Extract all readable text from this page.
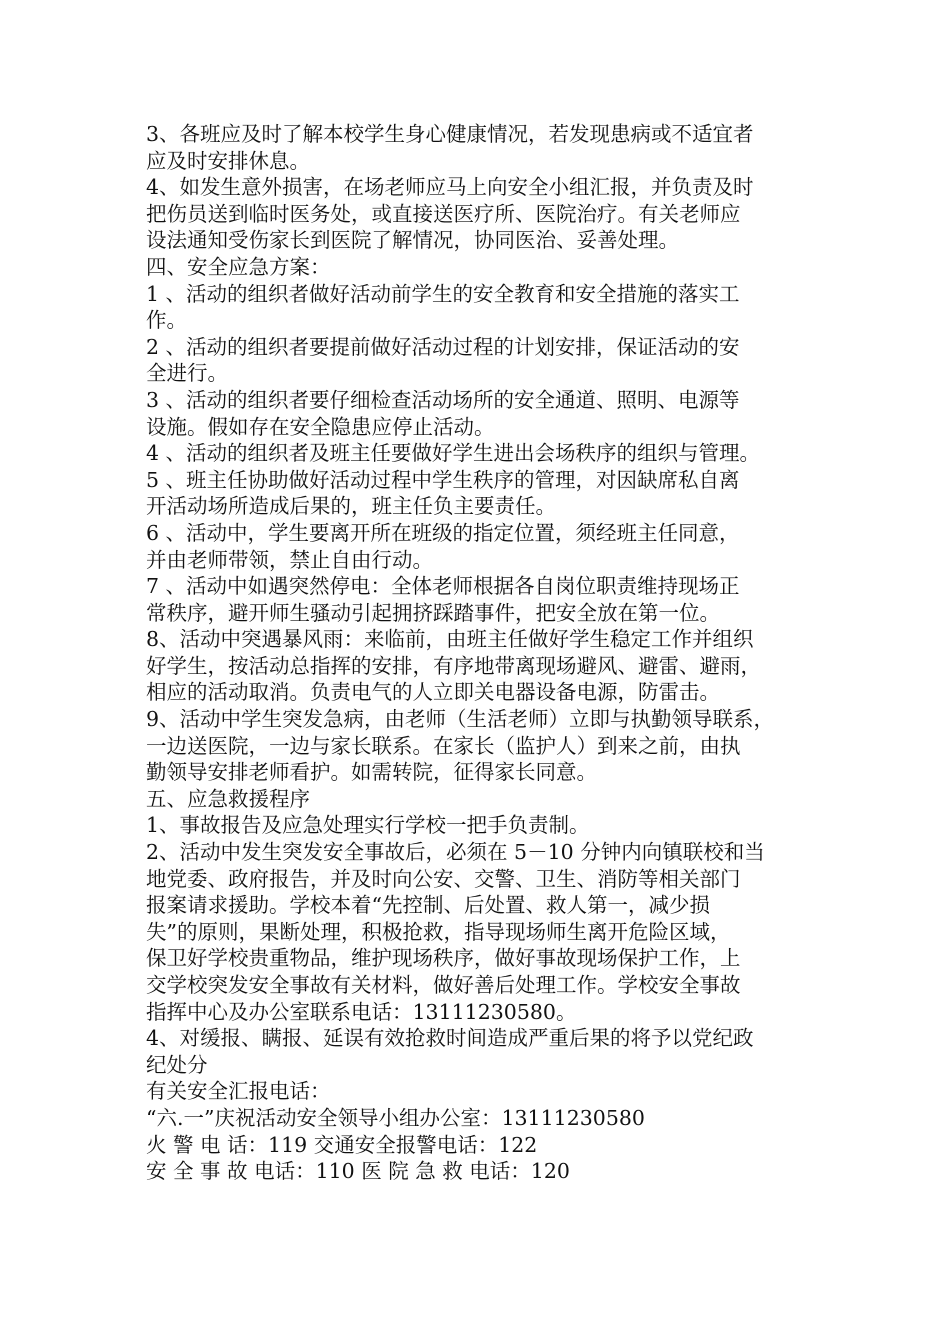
3、各班应及时了解本校学生身心健康情况，若发现患病或不适宜者
应及时安排休息。
4、如发生意外损害，在场老师应马上向安全小组汇报，并负责及时
把伤员送到临时医务处，或直接送医疗所、医院治疗。有关老师应
设法通知受伤家长到医院了解情况，协同医治、妥善处理。
四、安全应急方案：
1 、活动的组织者做好活动前学生的安全教育和安全措施的落实工
作。
2 、活动的组织者要提前做好活动过程的计划安排，保证活动的安
全进行。
3 、活动的组织者要仔细检查活动场所的安全通道、照明、电源等
设施。假如存在安全隐患应停止活动。
4 、活动的组织者及班主任要做好学生进出会场秩序的组织与管理。
5 、班主任协助做好活动过程中学生秩序的管理，对因缺席私自离
开活动场所造成后果的，班主任负主要责任。
6 、活动中，学生要离开所在班级的指定位置，须经班主任同意，
并由老师带领，禁止自由行动。
7 、活动中如遇突然停电：全体老师根据各自岗位职责维持现场正
常秩序，避开师生骚动引起拥挤踩踏事件，把安全放在第一位。
8、活动中突遇暴风雨：来临前，由班主任做好学生稳定工作并组织
好学生，按活动总指挥的安排，有序地带离现场避风、避雷、避雨，
相应的活动取消。负责电气的人立即关电器设备电源，防雷击。
9、活动中学生突发急病，由老师（生活老师）立即与执勤领导联系，
一边送医院，一边与家长联系。在家长（监护人）到来之前，由执
勤领导安排老师看护。如需转院，征得家长同意。
五、应急救援程序
1、事故报告及应急处理实行学校一把手负责制。
2、活动中发生突发安全事故后，必须在 5－10 分钟内向镇联校和当
地党委、政府报告，并及时向公安、交警、卫生、消防等相关部门
报案请求援助。学校本着“先控制、后处置、救人第一，减少损
失”的原则，果断处理，积极抢救，指导现场师生离开危险区域，
保卫好学校贵重物品，维护现场秩序，做好事故现场保护工作，上
交学校突发安全事故有关材料，做好善后处理工作。学校安全事故
指挥中心及办公室联系电话：13111230580。
4、对缓报、瞒报、延误有效抢救时间造成严重后果的将予以党纪政
纪处分
有关安全汇报电话：
“六.一”庆祝活动安全领导小组办公室：13111230580
火 警 电 话：119 交通安全报警电话：122
安 全 事 故 电话：110 医 院 急 救 电话：120
